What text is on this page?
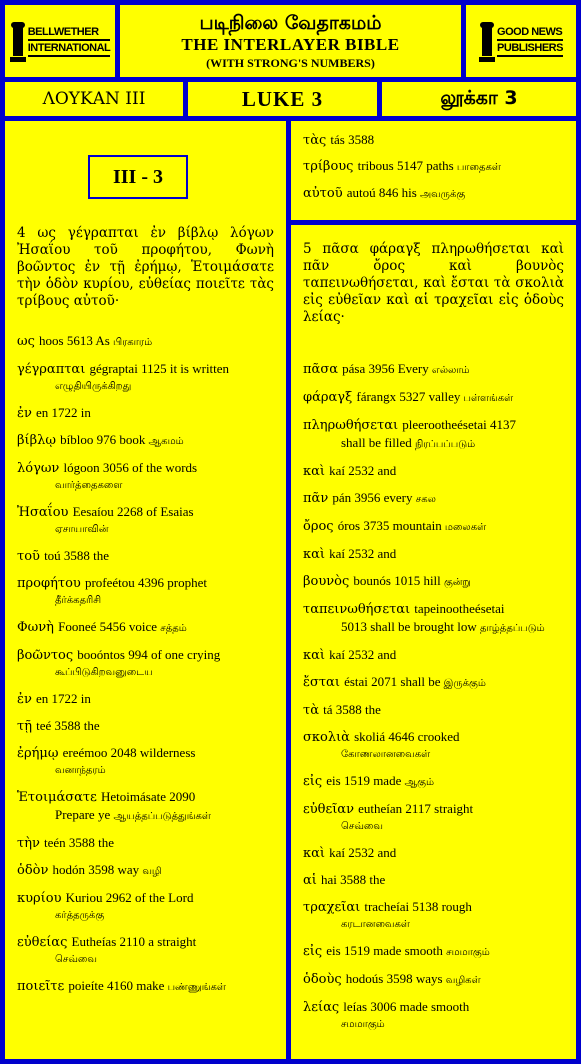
BELLWETHER
INTERNATIONAL
படிநிலை வேதாகமம்
THE INTERLAYER BIBLE
(WITH STRONG'S NUMBERS)
GOOD NEWS
PUBLISHERS
ΛΟΥΚΑΝ III	LUKE 3	லூக்கா 3
III - 3
4 ως γέγραπται ἐν βίβλῳ λόγων Ἠσαΐου τοῦ προφήτου, Φωνὴ βοῶντος ἐν τῇ ἐρήμῳ, Ἑτοιμάσατε τὴν ὁδὸν κυρίου, εὐθείας ποιεῖτε τὰς τρίβους αὐτοῦ·
ως hoos 5613 As பிரகாரம்
γέγραπται gégraptai 1125 it is written
எழுதியிருக்கிறது
ἐν en 1722 in
βίβλῳ bíbloo 976 book ஆகமம்
λόγων lógoon 3056 of the words
வார்த்தைகளை
Ἠσαΐου Eesaíou 2268 of Esaias
ஏசாயாவின்
τοῦ toú 3588 the
προφήτου profeétou 4396 prophet
தீர்க்கதரிசி
Φωνὴ Fooneé 5456 voice சத்தம்
βοῶντος booóntos 994 of one crying
கூப்பிடுகிறவனுடைய
ἐν en 1722 in
τῇ teé 3588 the
ἐρήμῳ ereémoo 2048 wilderness
வனாந்தரம்
Ἑτοιμάσατε Hetoimásate 2090
Prepare ye ஆயத்தப்படுத்துங்கள்
τὴν teén 3588 the
ὁδὸν hodón 3598 way வழி
κυρίου Kuriou 2962 of the Lord
கர்த்தருக்கு
εὐθείας Eutheías 2110 a straight
செவ்வை
ποιεῖτε poieíte 4160 make பண்ணுங்கள்
τὰς tás 3588
τρίβους tribous 5147 paths பாதைகள்
αὐτοῦ autoú 846 his அவருக்கு
5 πᾶσα φάραγξ πληρωθήσεται καὶ πᾶν ὄρος καὶ βουνὸς ταπεινωθήσεται, καὶ ἔσται τὰ σκολιὰ εἰς εὐθεῖαν καὶ αἱ τραχεῖαι εἰς ὁδοὺς λείας·
πᾶσα pása 3956 Every எல்லாம்
φάραγξ fárangx 5327 valley பள்ளங்கள்
πληρωθήσεται pleerootheésetai 4137
shall be filled நிரப்பப்படும்
καὶ kaí 2532 and
πᾶν pán 3956 every சகல
ὄρος óros 3735 mountain மலைகள்
καὶ kaí 2532 and
βουνὸς bounós 1015 hill குன்று
ταπεινωθήσεται tapeinootheésetai
5013 shall be brought low தாழ்த்தப்படும்
καὶ kaí 2532 and
ἔσται éstai 2071 shall be இருக்கும்
τὰ tá 3588 the
σκολιὰ skoliá 4646 crooked
கோணலானவைகள்
εἰς eis 1519 made ஆகும்
εὐθεῖαν eutheían 2117 straight
செவ்வை
καὶ kaí 2532 and
αἱ hai 3588 the
τραχεῖαι tracheíai 5138 rough
கரடானவைகள்
εἰς eis 1519 made smooth சமமாகும்
ὁδοὺς hodoús 3598 ways வழிகள்
λείας leías 3006 made smooth
சமமாகும்
